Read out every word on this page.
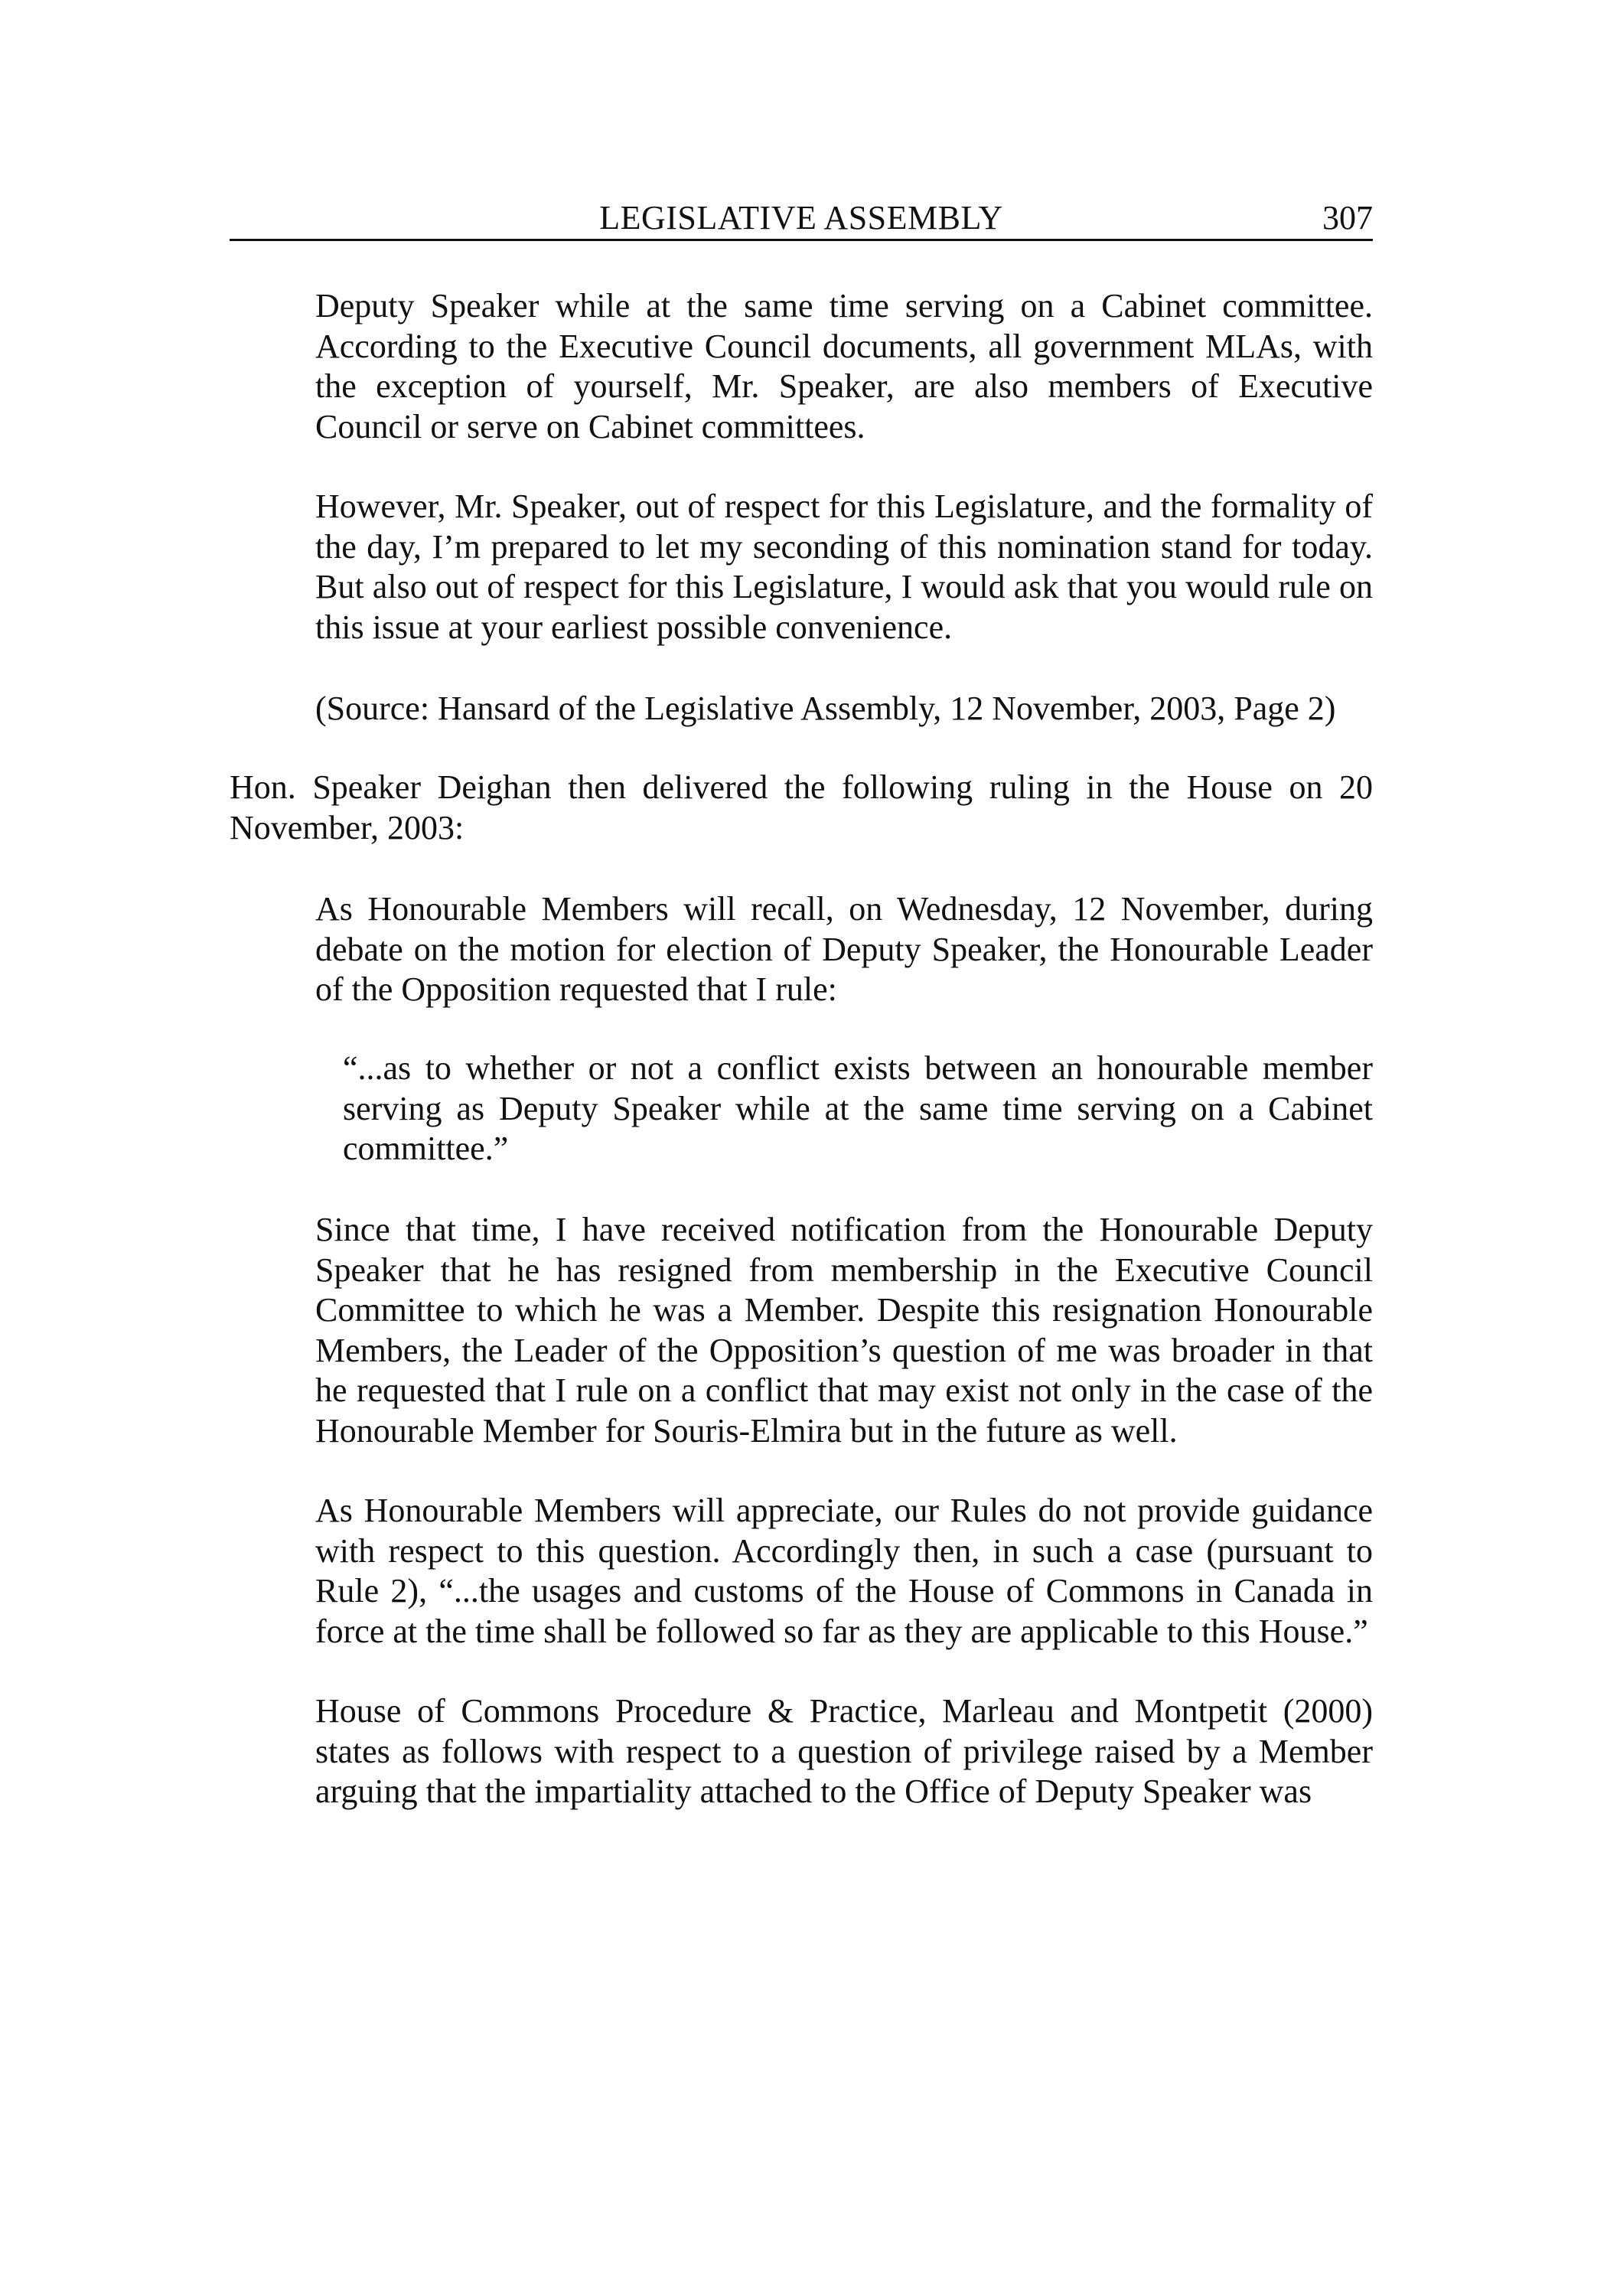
LEGISLATIVE ASSEMBLY	307

Deputy Speaker while at the same time serving on a Cabinet committee. According to the Executive Council documents, all government MLAs, with the exception of yourself, Mr. Speaker, are also members of Executive Council or serve on Cabinet committees.

However, Mr. Speaker, out of respect for this Legislature, and the formality of the day, I’m prepared to let my seconding of this nomination stand for today. But also out of respect for this Legislature, I would ask that you would rule on this issue at your earliest possible convenience.

(Source: Hansard of the Legislative Assembly, 12 November, 2003, Page 2)

Hon. Speaker Deighan then delivered the following ruling in the House on 20 November, 2003:

As Honourable Members will recall, on Wednesday, 12 November, during debate on the motion for election of Deputy Speaker, the Honourable Leader of the Opposition requested that I rule:

“...as to whether or not a conflict exists between an honourable member serving as Deputy Speaker while at the same time serving on a Cabinet committee.”

Since that time, I have received notification from the Honourable Deputy Speaker that he has resigned from membership in the Executive Council Committee to which he was a Member. Despite this resignation Honourable Members, the Leader of the Opposition’s question of me was broader in that he requested that I rule on a conflict that may exist not only in the case of the Honourable Member for Souris-Elmira but in the future as well.

As Honourable Members will appreciate, our Rules do not provide guidance with respect to this question. Accordingly then, in such a case (pursuant to Rule 2), “...the usages and customs of the House of Commons in Canada in force at the time shall be followed so far as they are applicable to this House.”

House of Commons Procedure & Practice, Marleau and Montpetit (2000) states as follows with respect to a question of privilege raised by a Member arguing that the impartiality attached to the Office of Deputy Speaker was
